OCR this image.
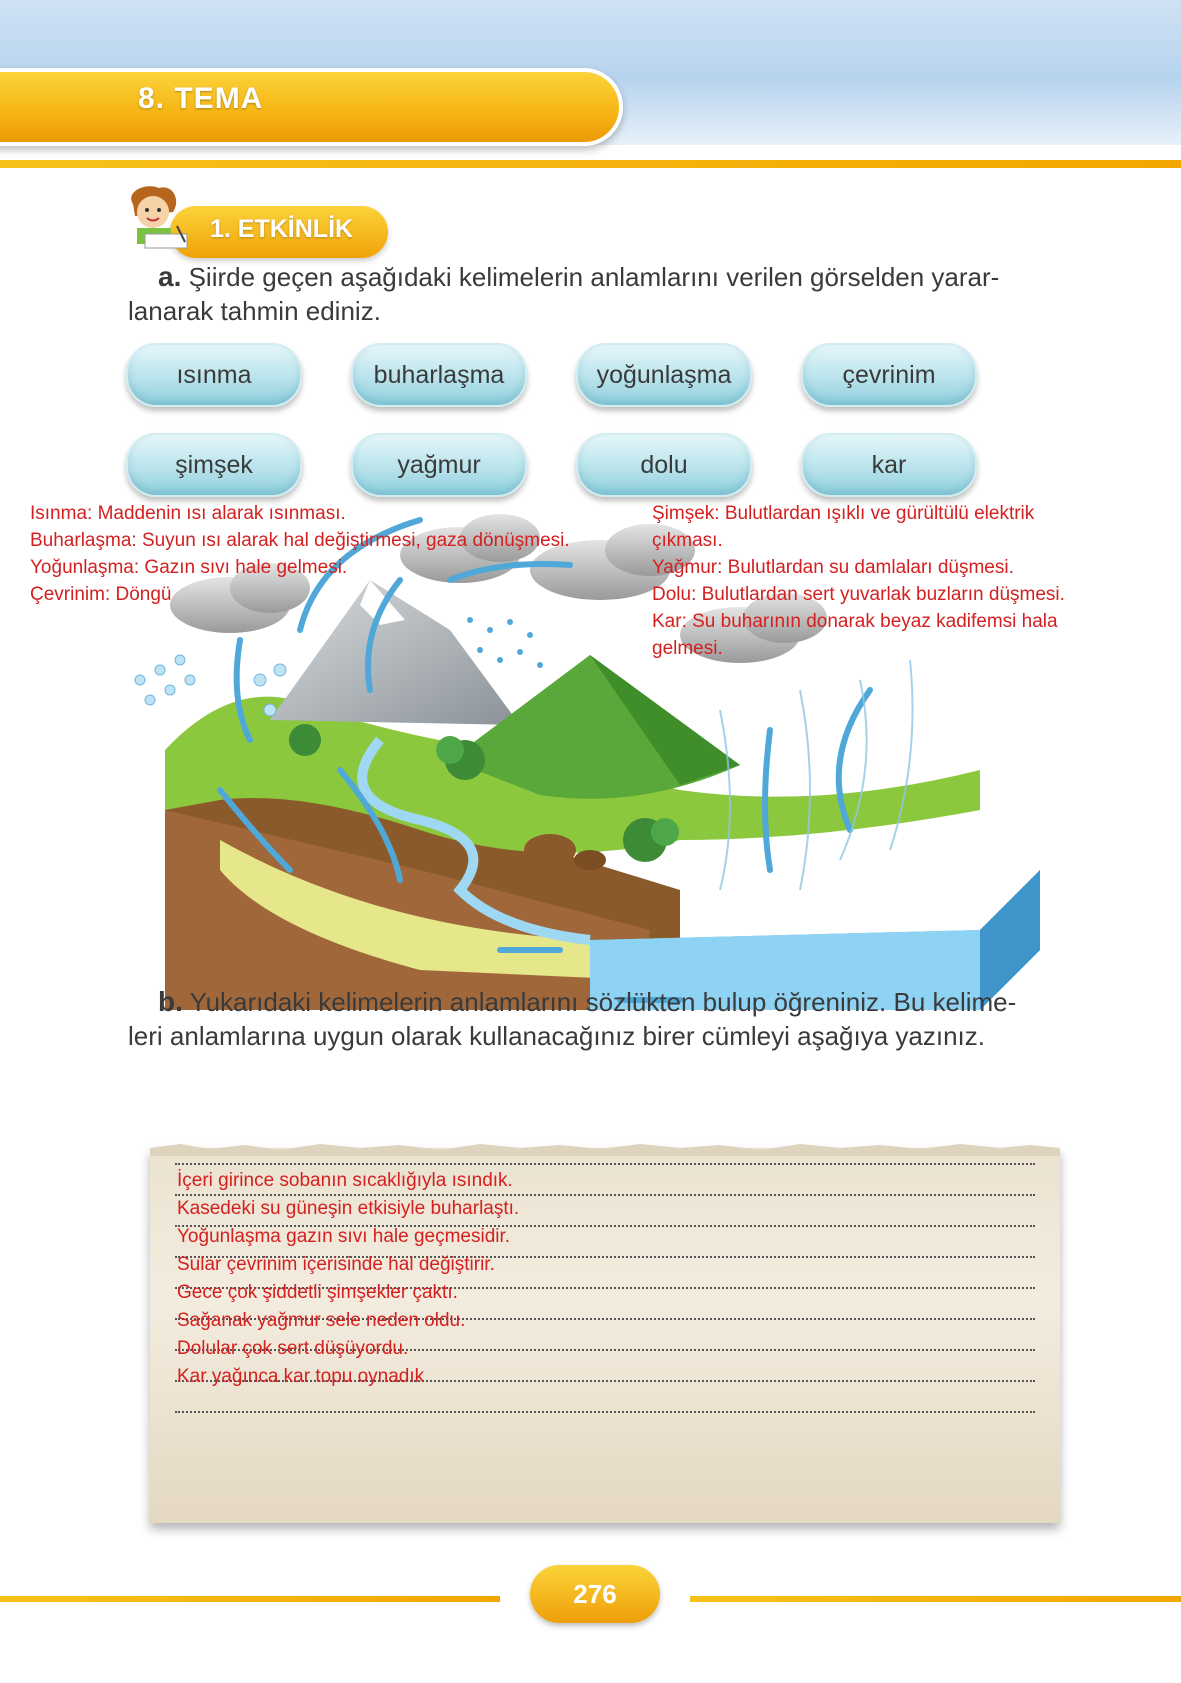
8. TEMA
1. ETKİNLİK
a. Şiirde geçen aşağıdaki kelimelerin anlamlarını verilen görselden yarar-
lanarak tahmin ediniz.
ısınma	buharlaşma	yoğunlaşma	çevrinim
şimşek	yağmur	dolu	kar
Isınma: Maddenin ısı alarak ısınması.
Buharlaşma: Suyun ısı alarak hal değiştirmesi, gaza dönüşmesi.
Yoğunlaşma: Gazın sıvı hale gelmesi.
Çevrinim: Döngü
Şimşek: Bulutlardan ışıklı ve gürültülü elektrik
çıkması.
Yağmur: Bulutlardan su damlaları düşmesi.
Dolu: Bulutlardan sert yuvarlak buzların düşmesi.
Kar: Su buharının donarak beyaz kadifemsi hala
gelmesi.
b. Yukarıdaki kelimelerin anlamlarını sözlükten bulup öğreniniz. Bu kelime-
leri anlamlarına uygun olarak kullanacağınız birer cümleyi aşağıya yazınız.
İçeri girince sobanın sıcaklığıyla ısındık.
Kasedeki su güneşin etkisiyle buharlaştı.
Yoğunlaşma gazın sıvı hale geçmesidir.
Sular çevrinim içerisinde hal değiştirir.
Gece çok şiddetli şimşekler çaktı.
Sağanak yağmur sele neden oldu.
Dolular çok sert düşüyordu.
Kar yağınca kar topu oynadık
276
